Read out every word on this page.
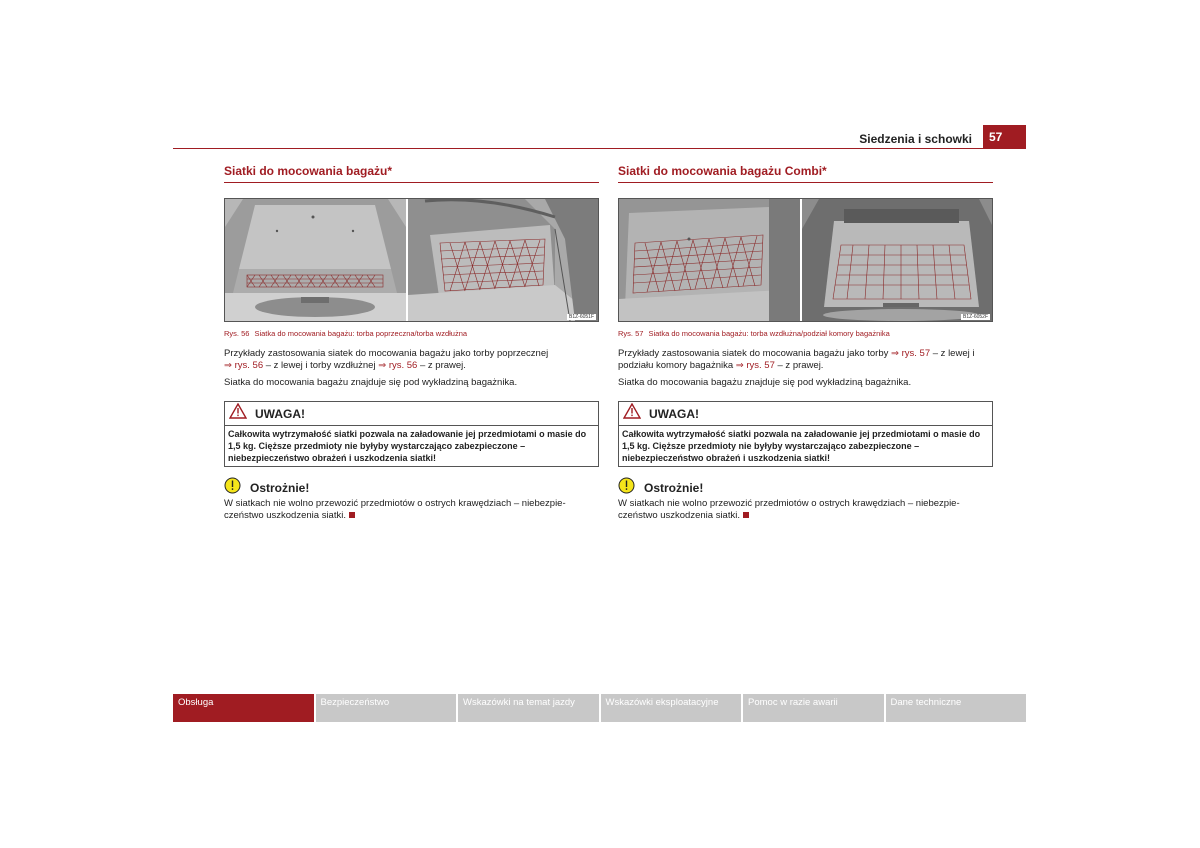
Siedzenia i schowki	57
Siatki do mocowania bagażu*
B1Z-6051F
Rys. 56 Siatka do mocowania bagażu: torba poprzeczna/torba wzdłużna
Przykłady zastosowania siatek do mocowania bagażu jako torby poprzecznej
⇒ rys. 56 – z lewej i torby wzdłużnej ⇒ rys. 56 – z prawej.
Siatka do mocowania bagażu znajduje się pod wykładziną bagażnika.
UWAGA!
Całkowita wytrzymałość siatki pozwala na załadowanie jej przedmiotami o masie do 1,5 kg. Cięższe przedmioty nie byłyby wystarczająco zabezpieczone – niebezpieczeństwo obrażeń i uszkodzenia siatki!
Ostrożnie!
W siatkach nie wolno przewozić przedmiotów o ostrych krawędziach – niebezpie-czeństwo uszkodzenia siatki.
Siatki do mocowania bagażu Combi*
B1Z-6052F
Rys. 57 Siatka do mocowania bagażu: torba wzdłużna/podział komory bagażnika
Przykłady zastosowania siatek do mocowania bagażu jako torby ⇒ rys. 57 – z lewej i podziału komory bagażnika ⇒ rys. 57 – z prawej.
Siatka do mocowania bagażu znajduje się pod wykładziną bagażnika.
UWAGA!
Całkowita wytrzymałość siatki pozwala na załadowanie jej przedmiotami o masie do 1,5 kg. Cięższe przedmioty nie byłyby wystarczająco zabezpieczone – niebezpieczeństwo obrażeń i uszkodzenia siatki!
Ostrożnie!
W siatkach nie wolno przewozić przedmiotów o ostrych krawędziach – niebezpie-czeństwo uszkodzenia siatki.
Obsługa	Bezpieczeństwo	Wskazówki na temat jazdy	Wskazówki eksploatacyjne	Pomoc w razie awarii	Dane techniczne
